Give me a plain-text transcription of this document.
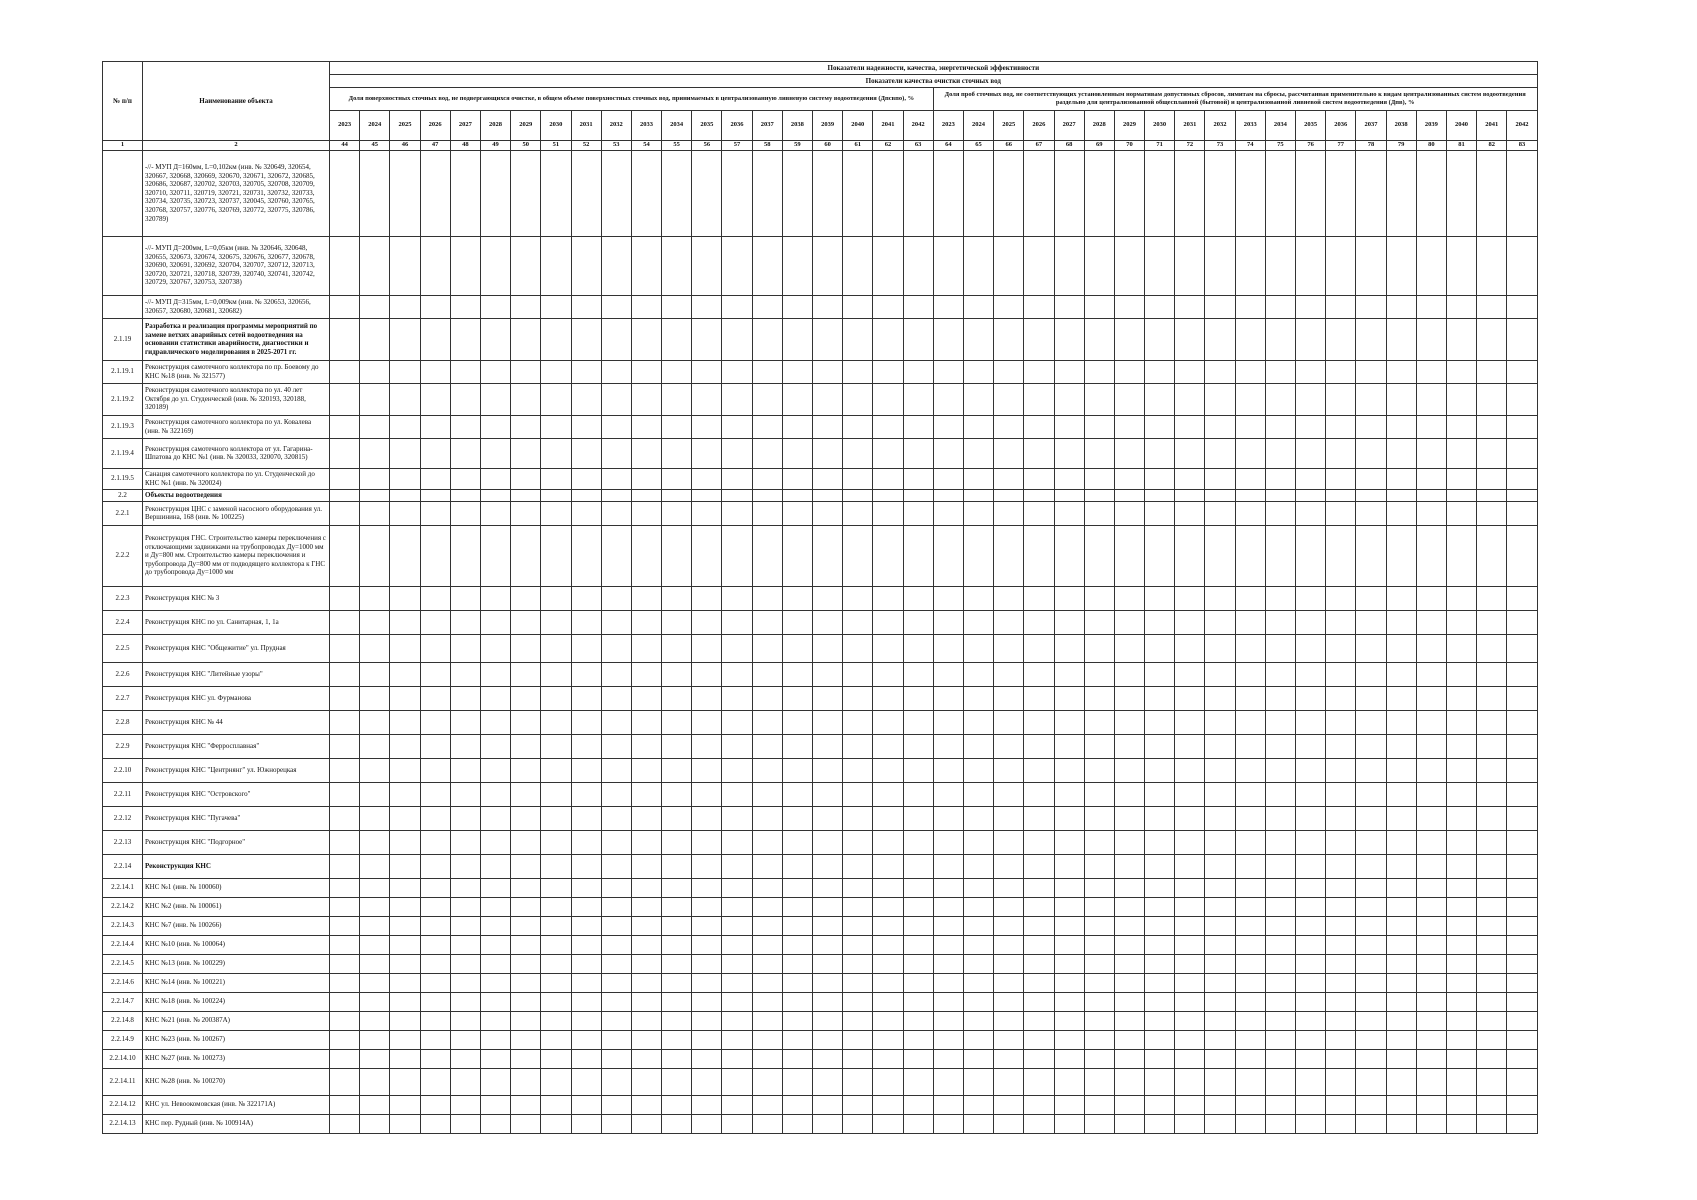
№ п/п	Наименование объекта	Показатели надежности, качества, энергетической эффективности																																							
		Показатели качества очистки сточных вод																																							
		Доля поверхностных сточных вод, не подвергающихся очистке, в общем объеме поверхностных сточных вод, принимаемых в централизованную ливневую систему водоотведения (Дпсвпо), %																				Доля проб сточных вод, не соответствующих установленным нормативам допустимых сбросов, лимитам на сбросы, рассчитанная применительно к видам централизованных систем водоотведения раздельно для централизованной общесплавной (бытовой) и централизованной ливневой систем водоотведения (Дпв), %																			
		2023	2024	2025	2026	2027	2028	2029	2030	2031	2032	2033	2034	2035	2036	2037	2038	2039	2040	2041	2042	2023	2024	2025	2026	2027	2028	2029	2030	2031	2032	2033	2034	2035	2036	2037	2038	2039	2040	2041	2042
1	2	44	45	46	47	48	49	50	51	52	53	54	55	56	57	58	59	60	61	62	63	64	65	66	67	68	69	70	71	72	73	74	75	76	77	78	79	80	81	82	83
	-//- МУП Д=160мм, L=0,102км (инв. № 320649, 320654, 320667, 320668, 320669, 320670, 320671, 320672, 320685, 320686, 320687, 320702, 320703, 320705, 320708, 320709, 320710, 320711, 320719, 320721, 320731, 320732, 320733, 320734, 320735, 320723, 320737, 320045, 320760, 320765, 320768, 320757, 320776, 320769, 320772, 320775, 320786, 320789)																																								
	-//- МУП Д=200мм, L=0,05км (инв. № 320646, 320648, 320655, 320673, 320674, 320675, 320676, 320677, 320678, 320690, 320691, 320692, 320704, 320707, 320712, 320713, 320720, 320721, 320718, 320739, 320740, 320741, 320742, 320729, 320767, 320753, 320738)																																								
	-//- МУП Д=315мм, L=0,009км (инв. № 320653, 320656, 320657, 320680, 320681, 320682)																																								
2.1.19	Разработка и реализация программы мероприятий по замене ветхих аварийных сетей водоотведения на основании статистики аварийности, диагностики и гидравлического моделирования в 2025-2071 гг.																																								
2.1.19.1	Реконструкция самотечного коллектора по пр. Боевому до КНС №18 (инв. № 321577)																																								
2.1.19.2	Реконструкция самотечного коллектора по ул. 40 лет Октября до ул. Студенческой (инв. № 320193, 320188, 320189)																																								
2.1.19.3	Реконструкция самотечного коллектора по ул. Ковалева (инв. № 322169)																																								
2.1.19.4	Реконструкция самотечного коллектора от ул. Гагарина-Шпатова до КНС №1 (инв. № 320033, 320070, 320815)																																								
2.1.19.5	Санация самотечного коллектора по ул. Студенческой до КНС №1 (инв. № 320024)																																								
2.2	Объекты водоотведения																																								
2.2.1	Реконструкция ЦНС с заменой насосного оборудования ул. Вершинина, 168 (инв. № 100225)																																								
2.2.2	Реконструкция ГНС. Строительство камеры переключения с отключающими задвижками на трубопроводах Ду=1000 мм и Ду=800 мм. Строительство камеры переключения и трубопровода Ду=800 мм от подводящего коллектора к ГНС до трубопровода Ду=1000 мм																																								
2.2.3	Реконструкция КНС № 3																																								
2.2.4	Реконструкция КНС по ул. Санитарная, 1, 1а																																								
2.2.5	Реконструкция КНС "Общежитие" ул. Прудная																																								
2.2.6	Реконструкция КНС "Литейные узоры"																																								
2.2.7	Реконструкция КНС ул. Фурманова																																								
2.2.8	Реконструкция КНС № 44																																								
2.2.9	Реконструкция КНС "Ферросплавная"																																								
2.2.10	Реконструкция КНС "Центрнянг" ул. Южнорецкая																																								
2.2.11	Реконструкция КНС "Островского"																																								
2.2.12	Реконструкция КНС "Пугачева"																																								
2.2.13	Реконструкция КНС "Подгорное"																																								
2.2.14	Реконструкция КНС																																								
2.2.14.1	КНС №1 (инв. № 100060)																																								
2.2.14.2	КНС №2 (инв. № 100061)																																								
2.2.14.3	КНС №7 (инв. № 100266)																																								
2.2.14.4	КНС №10 (инв. № 100064)																																								
2.2.14.5	КНС №13 (инв. № 100229)																																								
2.2.14.6	КНС №14 (инв. № 100221)																																								
2.2.14.7	КНС №18 (инв. № 100224)																																								
2.2.14.8	КНС №21 (инв. № 200387А)																																								
2.2.14.9	КНС №23 (инв. № 100267)																																								
2.2.14.10	КНС №27 (инв. № 100273)																																								
2.2.14.11	КНС №28 (инв. № 100270)																																								
2.2.14.12	КНС ул. Невоокомовская (инв. № 322171А)																																								
2.2.14.13	КНС пер. Рудный (инв. № 100914А)																																								
